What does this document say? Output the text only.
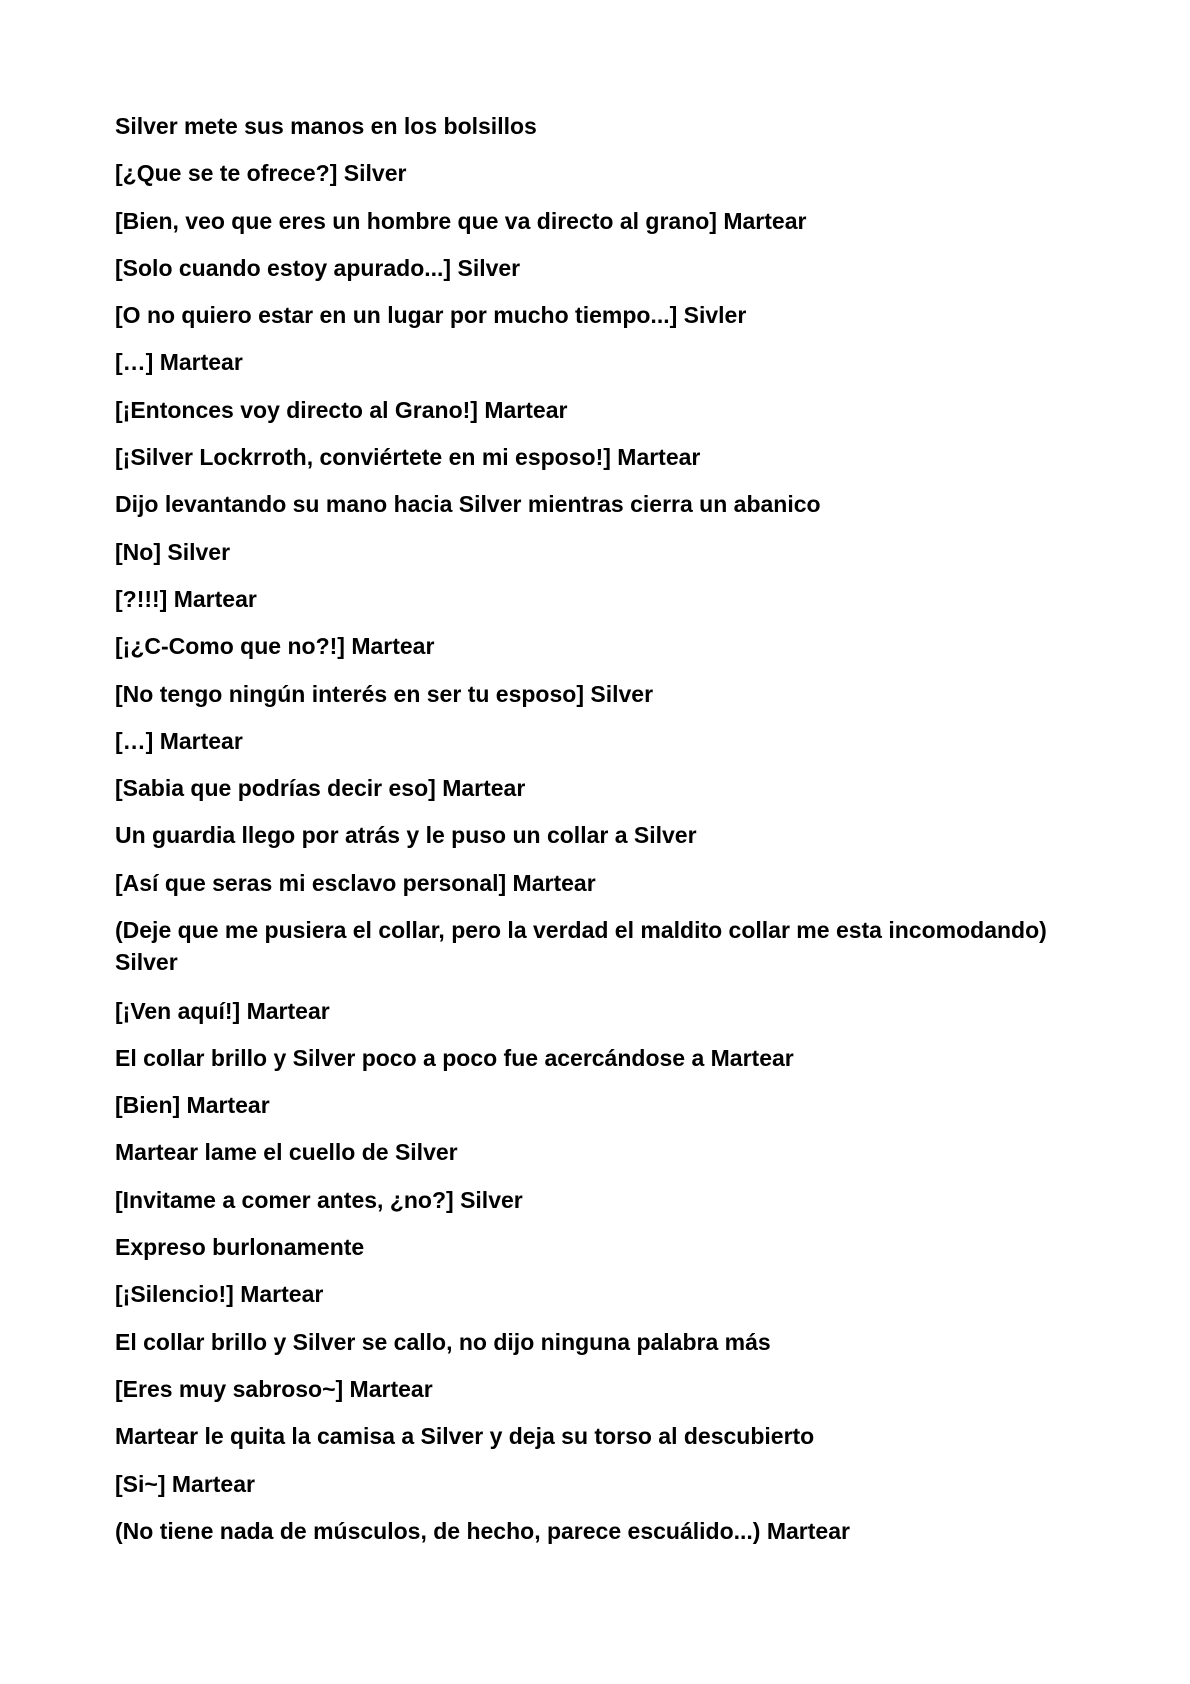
Silver mete sus manos en los bolsillos
[¿Que se te ofrece?] Silver
[Bien, veo que eres un hombre que va directo al grano] Martear
[Solo cuando estoy apurado...] Silver
[O no quiero estar en un lugar por mucho tiempo...] Sivler
[…] Martear
[¡Entonces voy directo al Grano!] Martear
[¡Silver Lockrroth, conviértete en mi esposo!] Martear
Dijo levantando su mano hacia Silver mientras cierra un abanico
[No] Silver
[?!!!] Martear
[¡¿C-Como que no?!] Martear
[No tengo ningún interés en ser tu esposo] Silver
[…] Martear
[Sabia que podrías decir eso] Martear
Un guardia llego por atrás y le puso un collar a Silver
[Así que seras mi esclavo personal] Martear
(Deje que me pusiera el collar, pero la verdad el maldito collar me esta incomodando) Silver
[¡Ven aquí!] Martear
El collar brillo y Silver poco a poco fue acercándose a Martear
[Bien] Martear
Martear lame el cuello de Silver
[Invitame a comer antes, ¿no?] Silver
Expreso burlonamente
[¡Silencio!] Martear
El collar brillo y Silver se callo, no dijo ninguna palabra más
[Eres muy sabroso~] Martear
Martear le quita la camisa a Silver y deja su torso al descubierto
[Si~] Martear
(No tiene nada de músculos, de hecho, parece escuálido...) Martear
